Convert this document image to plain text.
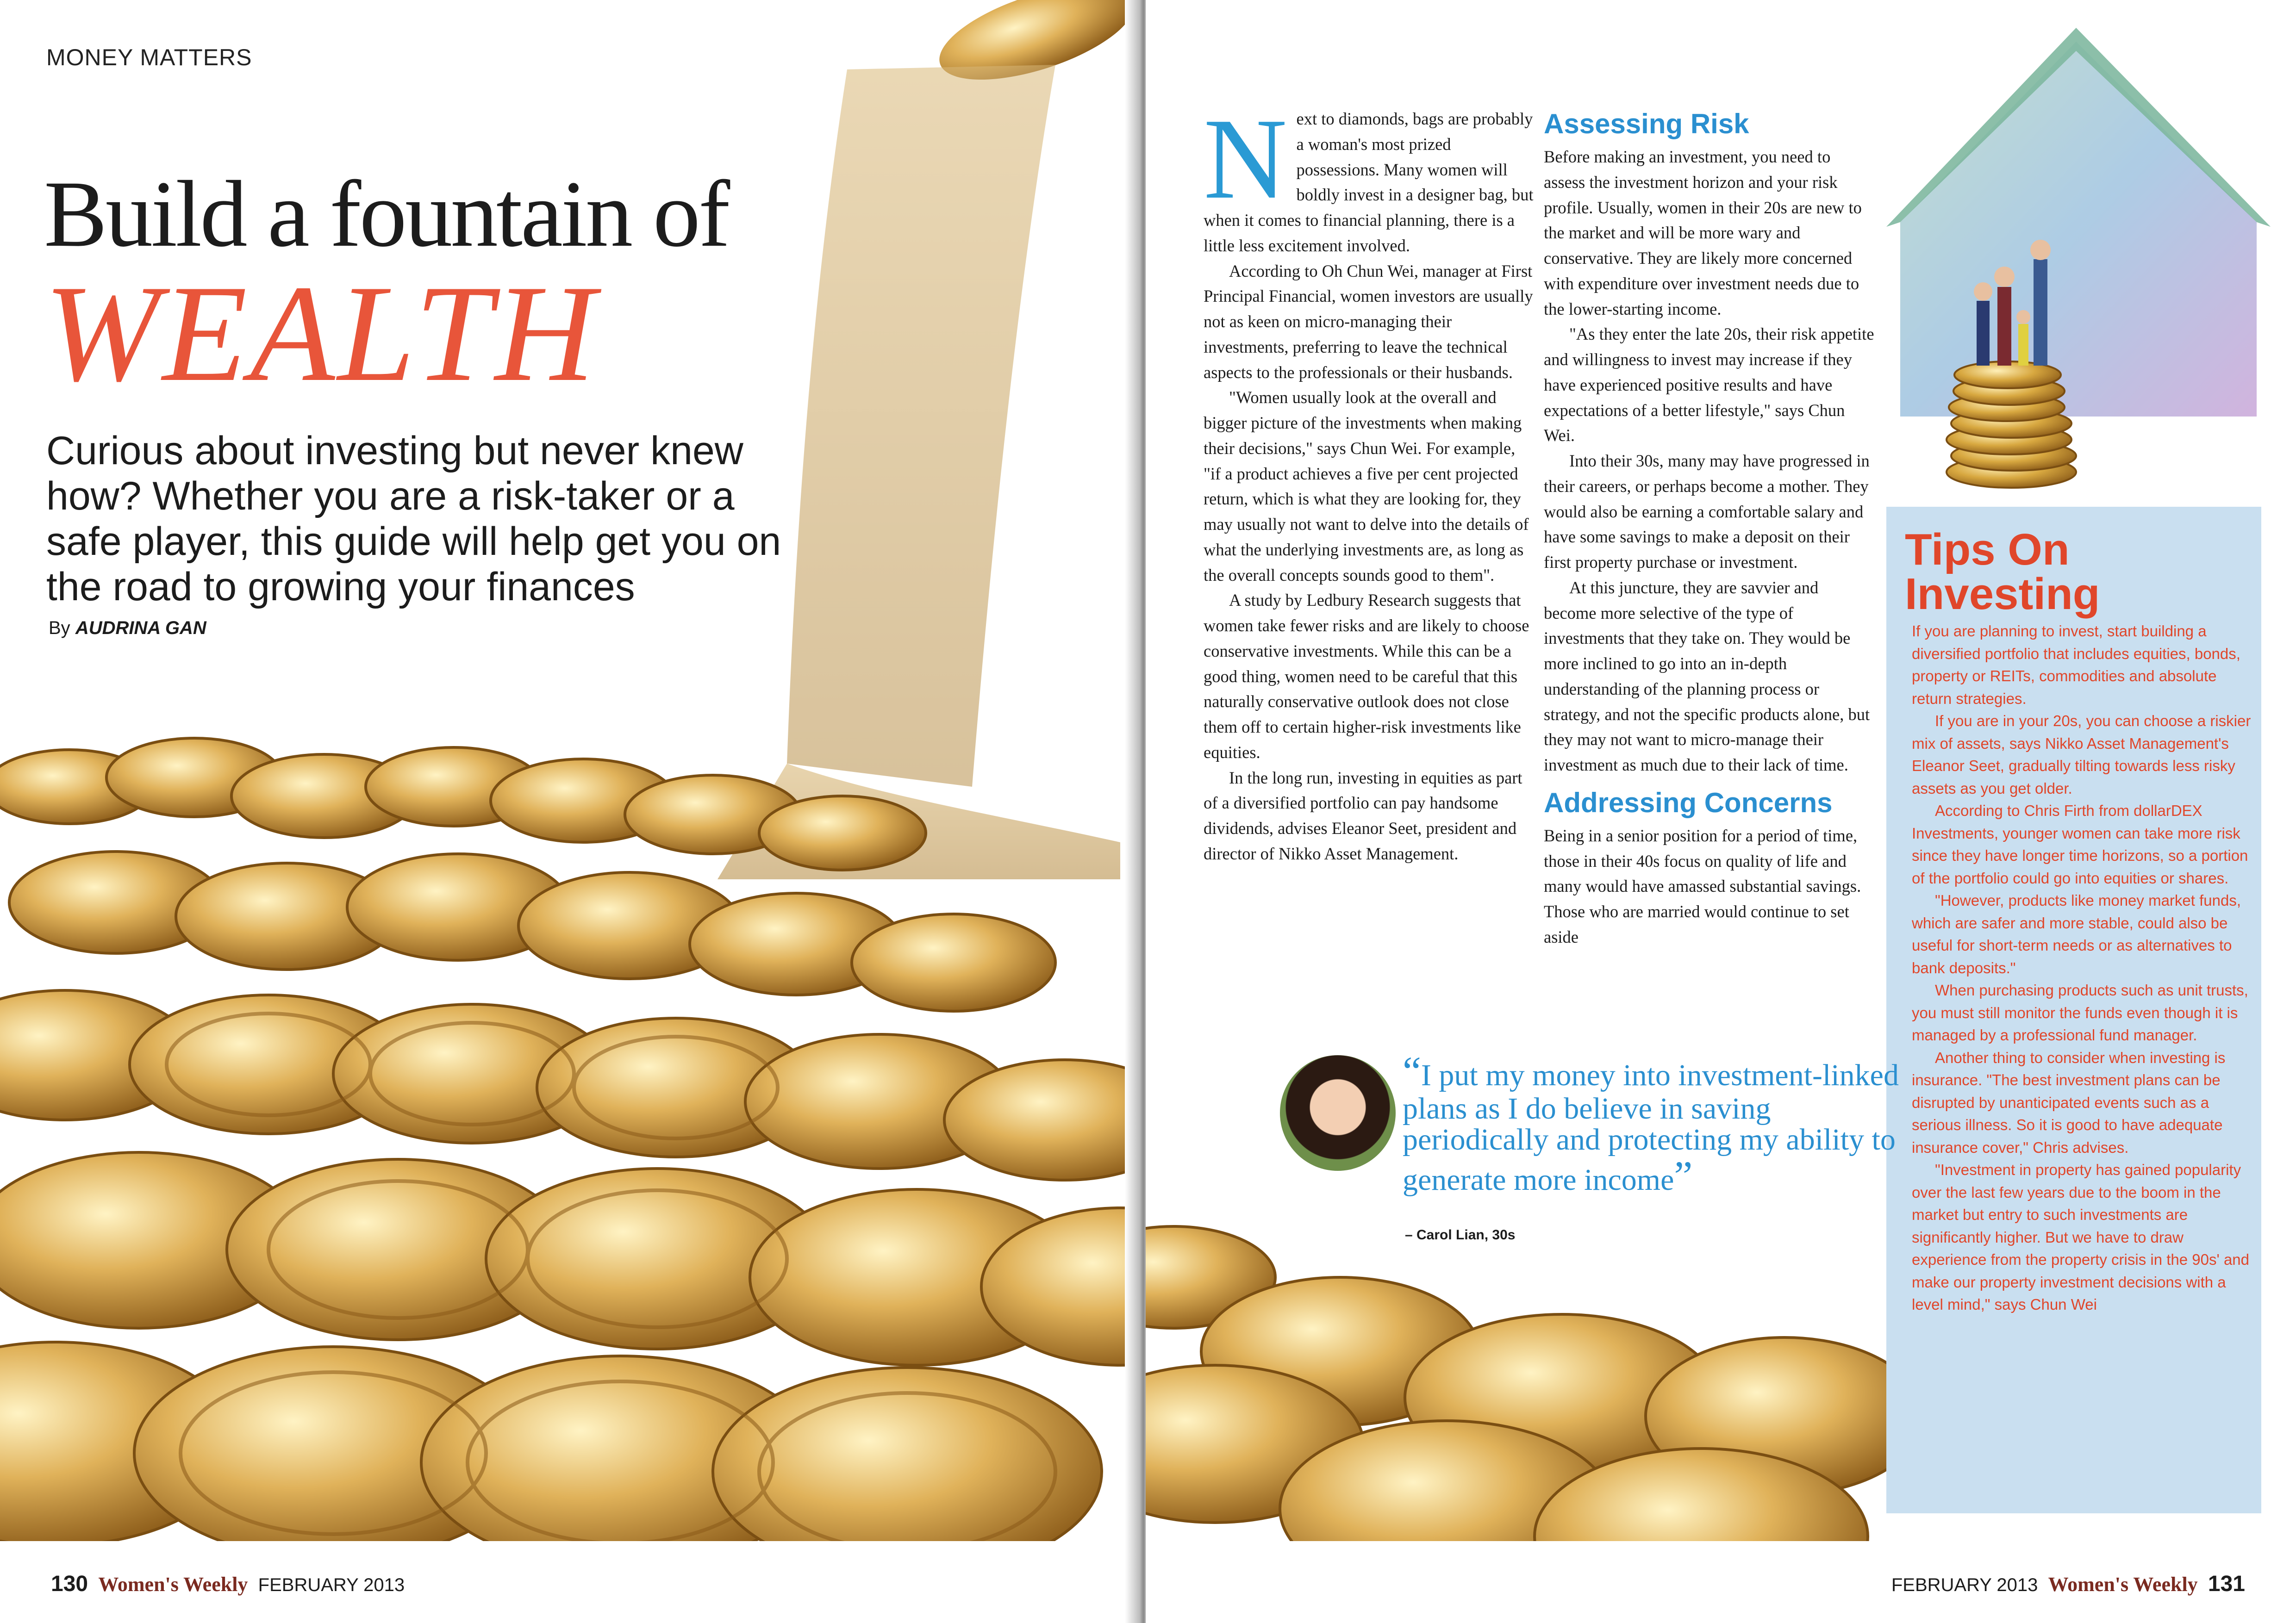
MONEY MATTERS
Build a fountain of
WEALTH
Curious about investing but never knew how? Whether you are a risk-taker or a safe player, this guide will help get you on the road to growing your finances
By AUDRINA GAN
130 Women's Weekly FEBRUARY 2013

Next to diamonds, bags are probably a woman's most prized possessions. Many women will boldly invest in a designer bag, but when it comes to financial planning, there is a little less excitement involved.

According to Oh Chun Wei, manager at First Principal Financial, women investors are usually not as keen on micro-managing their investments, preferring to leave the technical aspects to the professionals or their husbands.

"Women usually look at the overall and bigger picture of the investments when making their decisions," says Chun Wei. For example, "if a product achieves a five per cent projected return, which is what they are looking for, they may usually not want to delve into the details of what the underlying investments are, as long as the overall concepts sounds good to them".

A study by Ledbury Research suggests that women take fewer risks and are likely to choose conservative investments. While this can be a good thing, women need to be careful that this naturally conservative outlook does not close them off to certain higher-risk investments like equities.

In the long run, investing in equities as part of a diversified portfolio can pay handsome dividends, advises Eleanor Seet, president and director of Nikko Asset Management.

Assessing Risk

Before making an investment, you need to assess the investment horizon and your risk profile. Usually, women in their 20s are new to the market and will be more wary and conservative. They are likely more concerned with expenditure over investment needs due to the lower-starting income.

"As they enter the late 20s, their risk appetite and willingness to invest may increase if they have experienced positive results and have expectations of a better lifestyle," says Chun Wei.

Into their 30s, many may have progressed in their careers, or perhaps become a mother. They would also be earning a comfortable salary and have some savings to make a deposit on their first property purchase or investment.

At this juncture, they are savvier and become more selective of the type of investments that they take on. They would be more inclined to go into an in-depth understanding of the planning process or strategy, and not the specific products alone, but they may not want to micro-manage their investment as much due to their lack of time.

Addressing Concerns

Being in a senior position for a period of time, those in their 40s focus on quality of life and many would have amassed substantial savings. Those who are married would continue to set aside

Tips On Investing

If you are planning to invest, start building a diversified portfolio that includes equities, bonds, property or REITs, commodities and absolute return strategies.

If you are in your 20s, you can choose a riskier mix of assets, says Nikko Asset Management's Eleanor Seet, gradually tilting towards less risky assets as you get older.

According to Chris Firth from dollarDEX Investments, younger women can take more risk since they have longer time horizons, so a portion of the portfolio could go into equities or shares.

"However, products like money market funds, which are safer and more stable, could also be useful for short-term needs or as alternatives to bank deposits."

When purchasing products such as unit trusts, you must still monitor the funds even though it is managed by a professional fund manager.

Another thing to consider when investing is insurance. "The best investment plans can be disrupted by unanticipated events such as a serious illness. So it is good to have adequate insurance cover," Chris advises.

"Investment in property has gained popularity over the last few years due to the boom in the market but entry to such investments are significantly higher. But we have to draw experience from the property crisis in the 90s' and make our property investment decisions with a level mind," says Chun Wei

“I put my money into investment-linked plans as I do believe in saving periodically and protecting my ability to generate more income”
– Carol Lian, 30s
FEBRUARY 2013 Women's Weekly 131
